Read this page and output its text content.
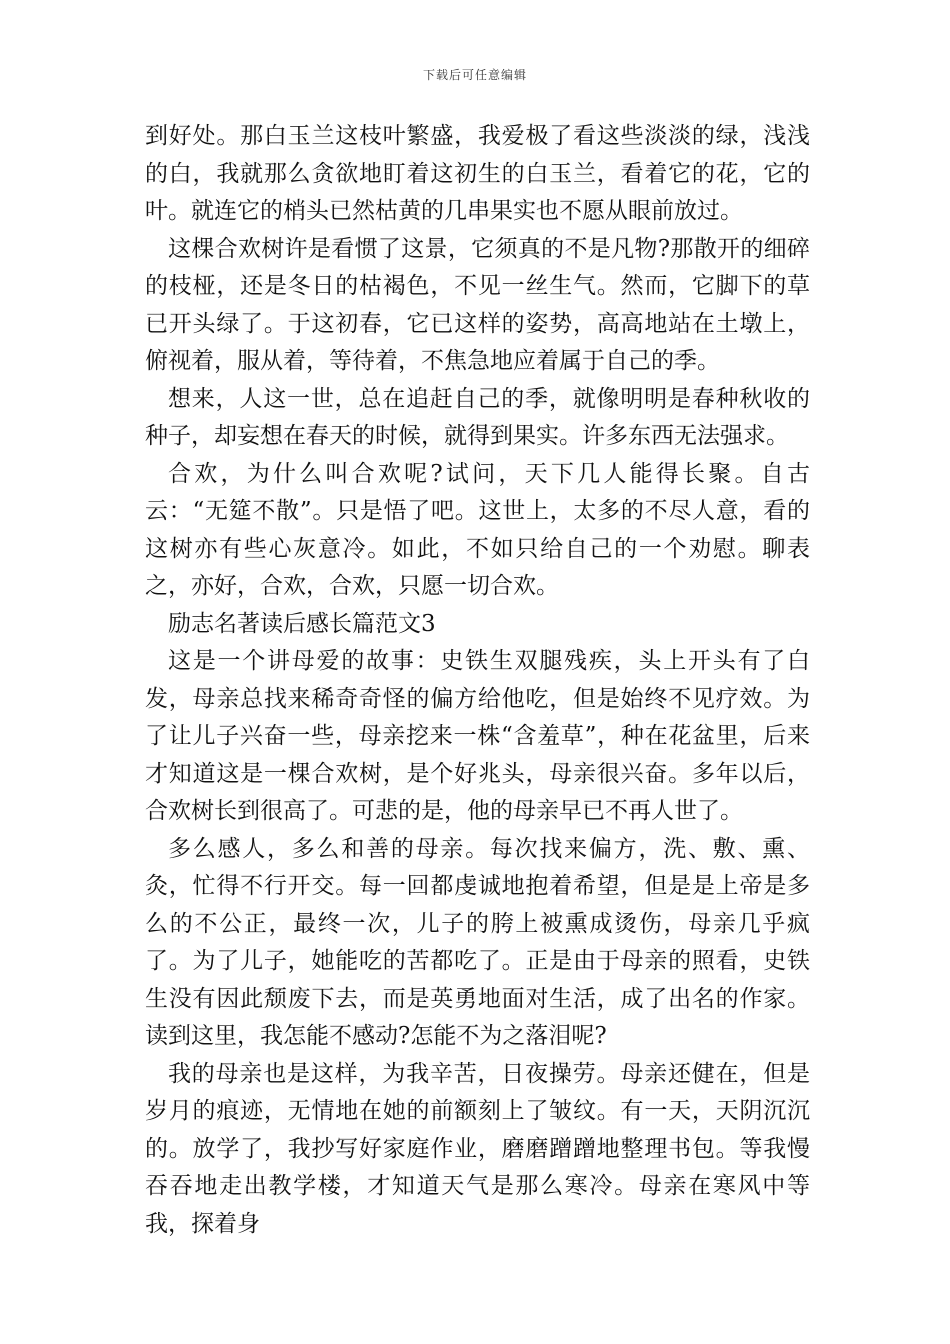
下载后可任意编辑

到好处。那白玉兰这枝叶繁盛，我爱极了看这些淡淡的绿，浅浅的白，我就那么贪欲地盯着这初生的白玉兰，看着它的花，它的叶。就连它的梢头已然枯黄的几串果实也不愿从眼前放过。

这棵合欢树许是看惯了这景，它须真的不是凡物?那散开的细碎的枝桠，还是冬日的枯褐色，不见一丝生气。然而，它脚下的草已开头绿了。于这初春，它已这样的姿势，高高地站在土墩上，俯视着，服从着，等待着，不焦急地应着属于自己的季。

想来，人这一世，总在追赶自己的季，就像明明是春种秋收的种子，却妄想在春天的时候，就得到果实。许多东西无法强求。

合欢，为什么叫合欢呢?试问，天下几人能得长聚。自古云：“无筵不散”。只是悟了吧。这世上，太多的不尽人意，看的这树亦有些心灰意冷。如此，不如只给自己的一个劝慰。聊表之，亦好，合欢，合欢，只愿一切合欢。

励志名著读后感长篇范文3

这是一个讲母爱的故事：史铁生双腿残疾，头上开头有了白发，母亲总找来稀奇奇怪的偏方给他吃，但是始终不见疗效。为了让儿子兴奋一些，母亲挖来一株“含羞草”，种在花盆里，后来才知道这是一棵合欢树，是个好兆头，母亲很兴奋。多年以后，合欢树长到很高了。可悲的是，他的母亲早已不再人世了。

多么感人，多么和善的母亲。每次找来偏方，洗、敷、熏、灸，忙得不行开交。每一回都虔诚地抱着希望，但是是上帝是多么的不公正，最终一次，儿子的胯上被熏成烫伤，母亲几乎疯了。为了儿子，她能吃的苦都吃了。正是由于母亲的照看，史铁生没有因此颓废下去，而是英勇地面对生活，成了出名的作家。读到这里，我怎能不感动?怎能不为之落泪呢?

我的母亲也是这样，为我辛苦，日夜操劳。母亲还健在，但是岁月的痕迹，无情地在她的前额刻上了皱纹。有一天，天阴沉沉的。放学了，我抄写好家庭作业，磨磨蹭蹭地整理书包。等我慢吞吞地走出教学楼，才知道天气是那么寒冷。母亲在寒风中等我，探着身
